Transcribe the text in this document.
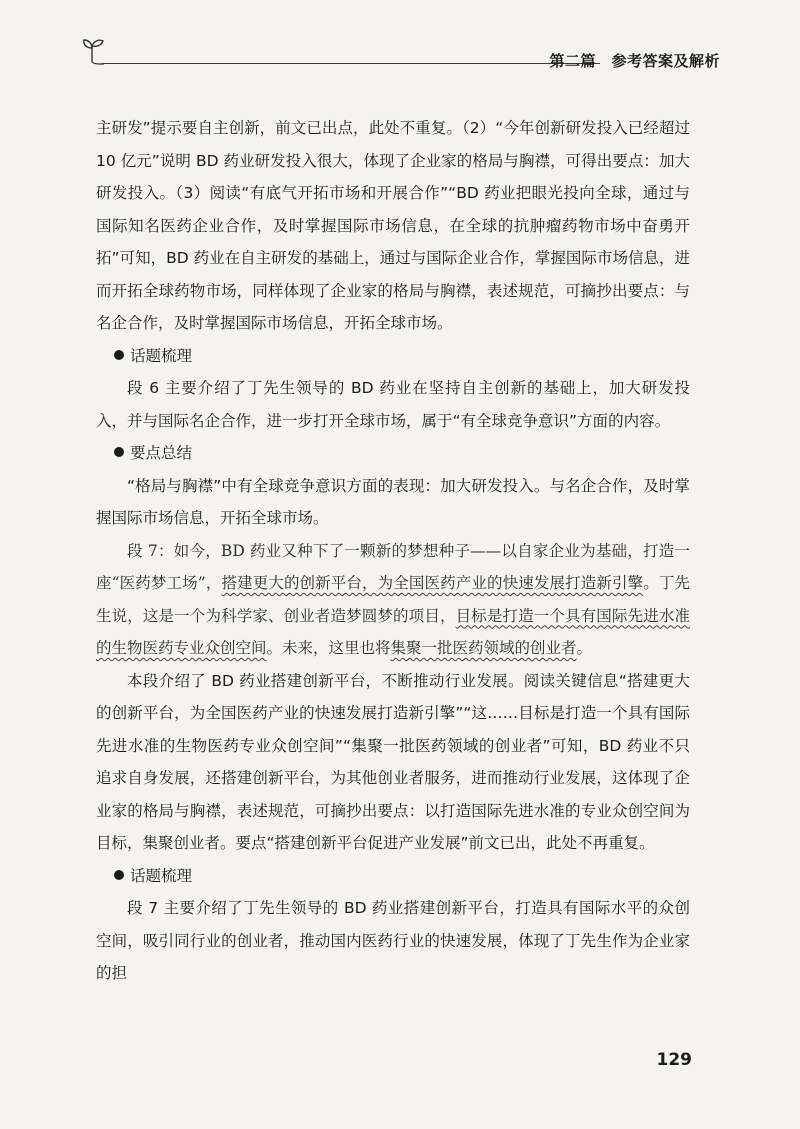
第二篇　参考答案及解析

主研发”提示要自主创新，前文已出点，此处不重复。（2）“今年创新研发投入已经超过 10 亿元”说明 BD 药业研发投入很大，体现了企业家的格局与胸襟，可得出要点：加大研发投入。（3）阅读“有底气开拓市场和开展合作”“BD 药业把眼光投向全球，通过与国际知名医药企业合作，及时掌握国际市场信息，在全球的抗肿瘤药物市场中奋勇开拓”可知，BD 药业在自主研发的基础上，通过与国际企业合作，掌握国际市场信息，进而开拓全球药物市场，同样体现了企业家的格局与胸襟，表述规范，可摘抄出要点：与名企合作，及时掌握国际市场信息，开拓全球市场。

话题梳理

段 6 主要介绍了丁先生领导的 BD 药业在坚持自主创新的基础上，加大研发投入，并与国际名企合作，进一步打开全球市场，属于“有全球竞争意识”方面的内容。

要点总结

“格局与胸襟”中有全球竞争意识方面的表现：加大研发投入。与名企合作，及时掌握国际市场信息，开拓全球市场。

段 7：如今，BD 药业又种下了一颗新的梦想种子——以自家企业为基础，打造一座“医药梦工场”，搭建更大的创新平台，为全国医药产业的快速发展打造新引擎。丁先生说，这是一个为科学家、创业者造梦圆梦的项目，目标是打造一个具有国际先进水准的生物医药专业众创空间。未来，这里也将集聚一批医药领域的创业者。

本段介绍了 BD 药业搭建创新平台，不断推动行业发展。阅读关键信息“搭建更大的创新平台，为全国医药产业的快速发展打造新引擎”“这……目标是打造一个具有国际先进水准的生物医药专业众创空间”“集聚一批医药领域的创业者”可知，BD 药业不只追求自身发展，还搭建创新平台，为其他创业者服务，进而推动行业发展，这体现了企业家的格局与胸襟，表述规范，可摘抄出要点：以打造国际先进水准的专业众创空间为目标，集聚创业者。要点“搭建创新平台促进产业发展”前文已出，此处不再重复。

话题梳理

段 7 主要介绍了丁先生领导的 BD 药业搭建创新平台，打造具有国际水平的众创空间，吸引同行业的创业者，推动国内医药行业的快速发展，体现了丁先生作为企业家的担

129
